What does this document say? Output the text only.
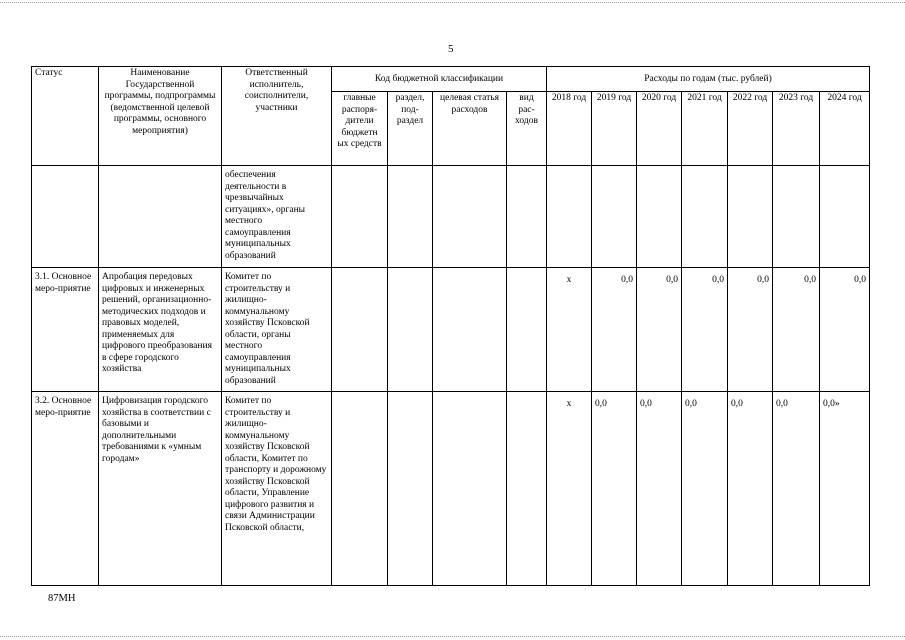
5
Статус	Наименование Государственной программы, подпрограммы (ведомственной целевой программы, основного мероприятия)	Ответственный исполнитель, соисполнители, участники	Код бюджетной классификации				Расходы по годам (тыс. рублей)						
			главные распоря-дители бюджетн ых средств	раздел, под-раздел	целевая статья расходов	вид рас-ходов	2018 год	2019 год	2020 год	2021 год	2022 год	2023 год	2024 год
		обеспечения деятельности в чрезвычайных ситуациях», органы местного самоуправления муниципальных образований											
3.1. Основное меро-приятие	Апробация передовых цифровых и инженерных решений, организационно-методических подходов и правовых моделей, применяемых для цифрового преобразования в сфере городского хозяйства	Комитет по строительству и жилищно-коммунальному хозяйству Псковской области, органы местного самоуправления муниципальных образований					х	0,0	0,0	0,0	0,0	0,0	0,0
3.2. Основное меро-приятие	Цифровизация городского хозяйства в соответствии с базовыми и дополнительными требованиями к «умным городам»	Комитет по строительству и жилищно-коммунальному хозяйству Псковской области, Комитет по транспорту и дорожному хозяйству Псковской области, Управление цифрового развития и связи Администрации Псковской области,					х	0,0	0,0	0,0	0,0	0,0	0,0»
87МН
